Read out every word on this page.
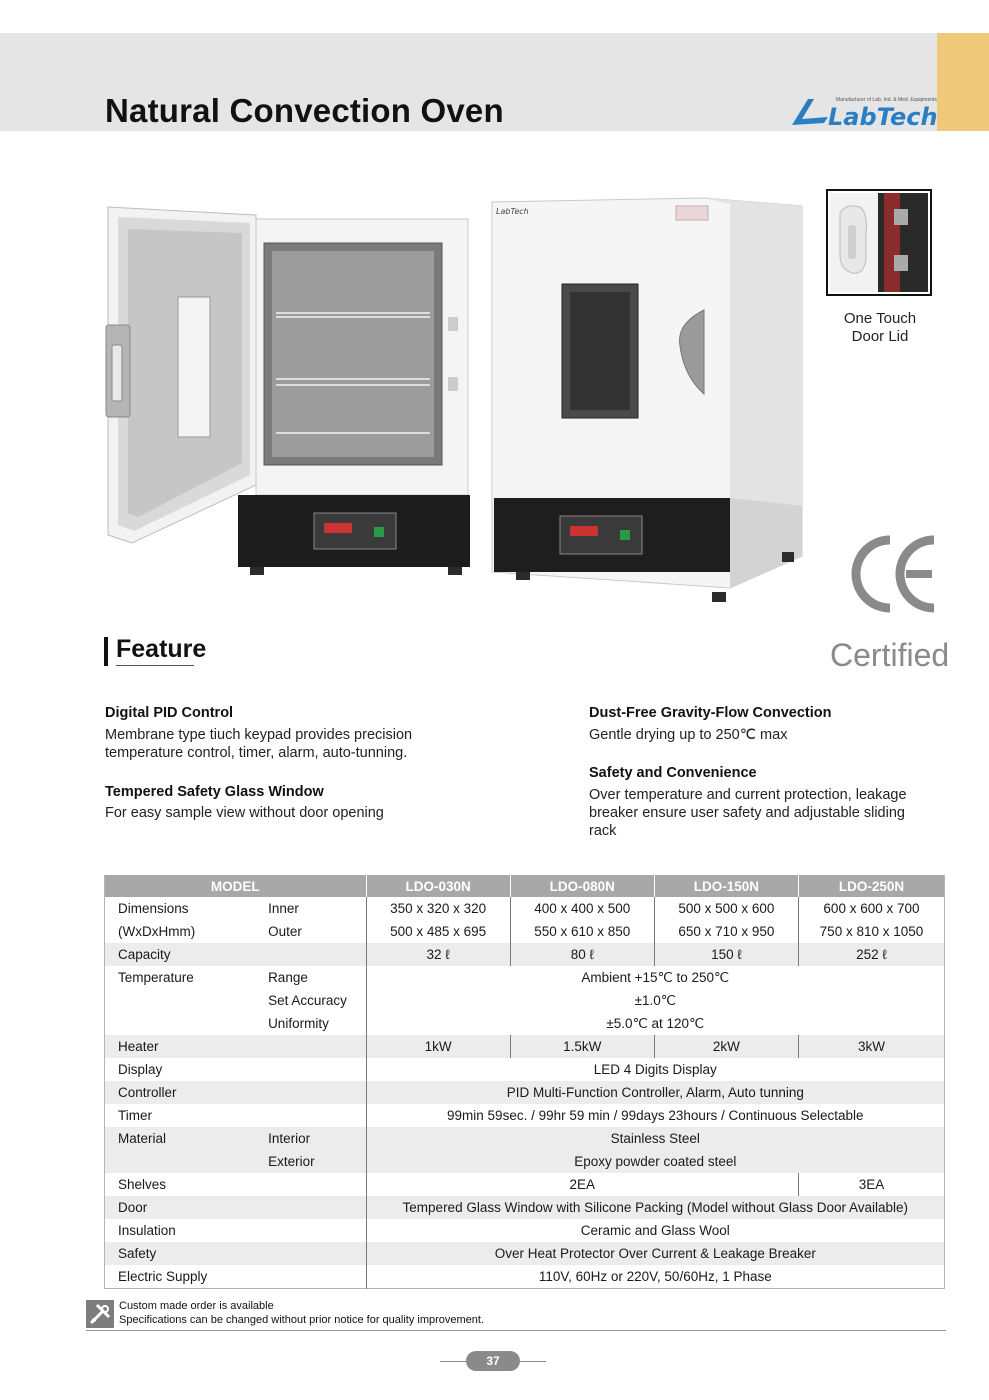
Natural Convection Oven	Manufacturer of Lab, Ind. & Med. Equipments
LabTech
LabTech
One Touch
Door Lid
Certified
Feature
Digital PID Control
Membrane type tiuch keypad provides precision
temperature control, timer, alarm, auto-tunning.
Tempered Safety Glass Window
For easy sample view without door opening
Dust-Free Gravity-Flow Convection
Gentle drying up to 250℃ max
Safety and Convenience
Over temperature and current protection, leakage
breaker ensure user safety and adjustable sliding
rack
MODEL		LDO-030N	LDO-080N	LDO-150N	LDO-250N
Dimensions	Inner	350 x 320 x 320	400 x 400 x 500	500 x 500 x 600	600 x 600 x 700
(WxDxHmm)	Outer	500 x 485 x 695	550 x 610 x 850	650 x 710 x 950	750 x 810 x 1050
Capacity		32 ℓ	80 ℓ	150 ℓ	252 ℓ
Temperature	Range	Ambient +15℃ to 250℃			
	Set Accuracy	±1.0℃			
	Uniformity	±5.0℃ at 120℃			
Heater		1kW	1.5kW	2kW	3kW
Display		LED 4 Digits Display			
Controller		PID Multi-Function Controller, Alarm, Auto tunning			
Timer		99min 59sec. / 99hr 59 min / 99days 23hours / Continuous Selectable			
Material	Interior	Stainless Steel			
	Exterior	Epoxy powder coated steel			
Shelves		2EA			3EA
Door		Tempered Glass Window with Silicone Packing (Model without Glass Door Available)			
Insulation		Ceramic and Glass Wool			
Safety		Over Heat Protector Over Current & Leakage Breaker			
Electric Supply		110V, 60Hz or 220V, 50/60Hz, 1 Phase			
Custom made order is available
Specifications can be changed without prior notice for quality improvement.
37
